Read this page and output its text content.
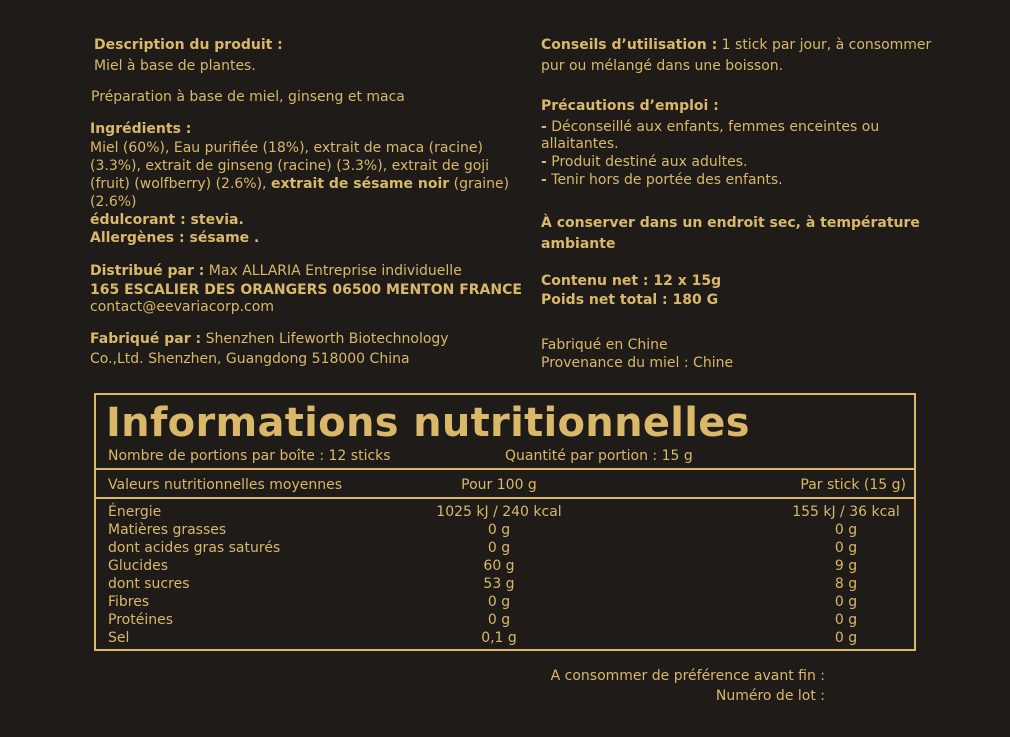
Description du produit :
Miel à base de plantes.
Préparation à base de miel, ginseng et maca
Ingrédients :
Miel (60%), Eau purifiée (18%), extrait de maca (racine)
(3.3%), extrait de ginseng (racine) (3.3%), extrait de goji
(fruit) (wolfberry) (2.6%), extrait de sésame noir (graine)
(2.6%)
édulcorant : stevia.
Allergènes : sésame .
Distribué par : Max ALLARIA Entreprise individuelle
165 ESCALIER DES ORANGERS 06500 MENTON FRANCE
contact@eevariacorp.com
Fabriqué par : Shenzhen Lifeworth Biotechnology
Co.,Ltd. Shenzhen, Guangdong 518000 China
Conseils d’utilisation : 1 stick par jour, à consommer
pur ou mélangé dans une boisson.
Précautions d’emploi :
- Déconseillé aux enfants, femmes enceintes ou
allaitantes.
- Produit destiné aux adultes.
- Tenir hors de portée des enfants.
À conserver dans un endroit sec, à température
ambiante
Contenu net : 12 x 15g
Poids net total : 180 G
Fabriqué en Chine
Provenance du miel : Chine
Informations nutritionnelles
Nombre de portions par boîte : 12 sticks	Quantité par portion : 15 g
Valeurs nutritionnelles moyennes	Pour 100 g	Par stick (15 g)
Énergie	1025 kJ / 240 kcal	155 kJ / 36 kcal
Matières grasses	0 g	0 g
dont acides gras saturés	0 g	0 g
Glucides	60 g	9 g
dont sucres	53 g	8 g
Fibres	0 g	0 g
Protéines	0 g	0 g
Sel	0,1 g	0 g
A consommer de préférence avant fin :
Numéro de lot :
